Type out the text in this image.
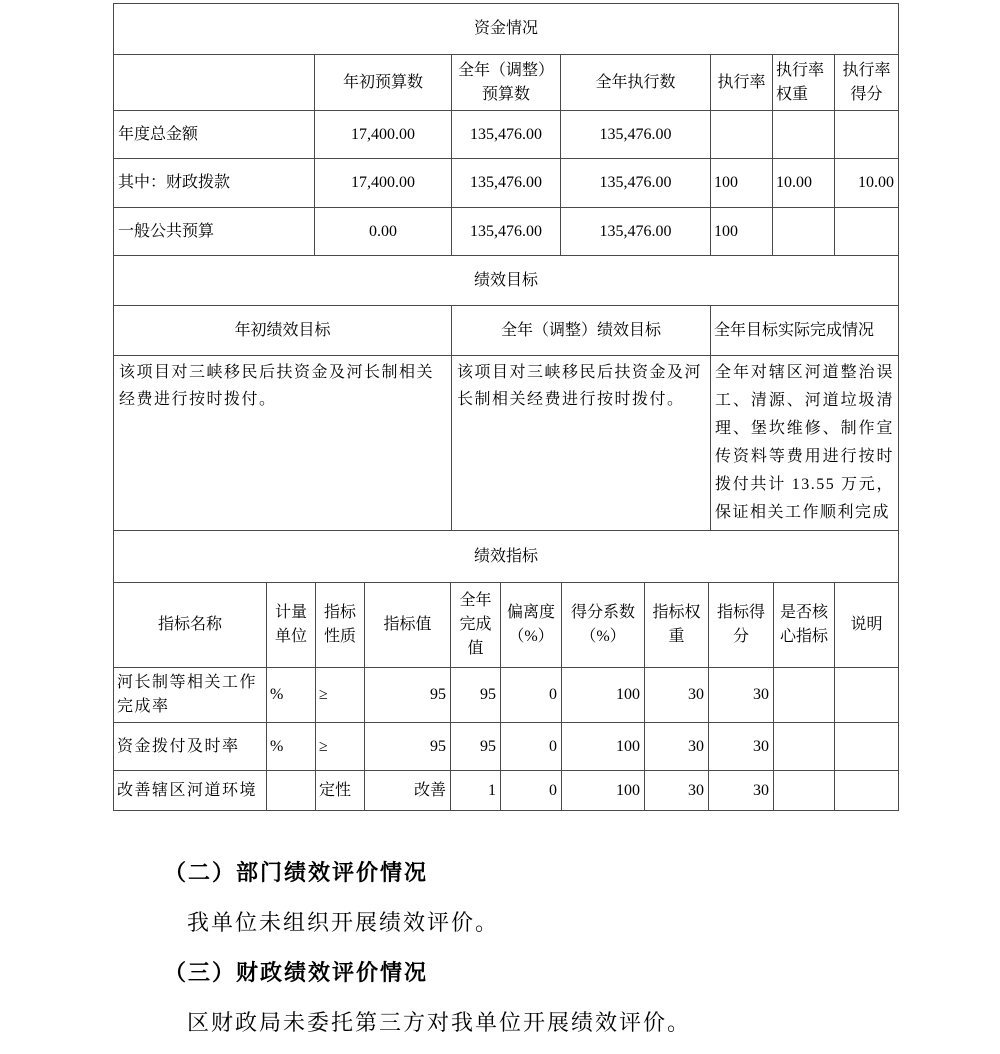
资金情况						
	年初预算数	全年（调整）预算数	全年执行数	执行率	执行率权重	执行率得分
年度总金额	17,400.00	135,476.00	135,476.00			
其中：财政拨款	17,400.00	135,476.00	135,476.00	100	10.00	10.00
一般公共预算	0.00	135,476.00	135,476.00	100		
绩效目标		
年初绩效目标	全年（调整）绩效目标	全年目标实际完成情况
该项目对三峡移民后扶资金及河长制相关经费进行按时拨付。	该项目对三峡移民后扶资金及河长制相关经费进行按时拨付。	全年对辖区河道整治误工、清源、河道垃圾清理、堡坎维修、制作宣传资料等费用进行按时拨付共计 13.55 万元，保证相关工作顺利完成
绩效指标										
指标名称	计量单位	指标性质	指标值	全年完成值	偏离度（%）	得分系数（%）	指标权重	指标得分	是否核心指标	说明
河长制等相关工作完成率	%	≥	95	95	0	100	30	30		
资金拨付及时率	%	≥	95	95	0	100	30	30		
改善辖区河道环境		定性	改善	1	0	100	30	30		
（二）部门绩效评价情况
我单位未组织开展绩效评价。
（三）财政绩效评价情况
区财政局未委托第三方对我单位开展绩效评价。
